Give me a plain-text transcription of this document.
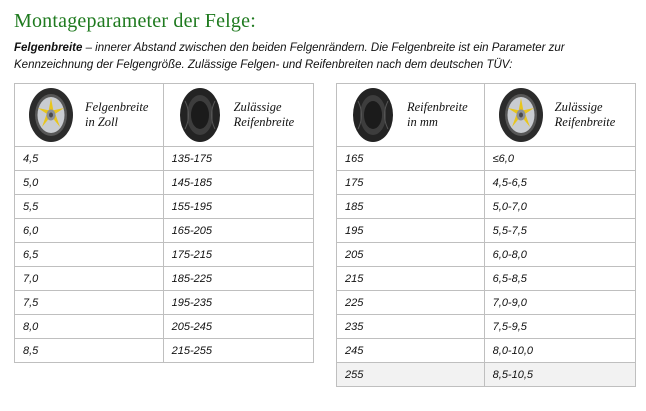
Montageparameter der Felge:

Felgenbreite – innerer Abstand zwischen den beiden Felgenrändern. Die Felgenbreite ist ein Parameter zur Kennzeichnung der Felgengröße. Zulässige Felgen- und Reifenbreiten nach dem deutschen TÜV:

Felgenbreite in Zoll	Zulässige
Reifenbreite

4,5	135-175
5,0	145-185
5,5	155-195
6,0	165-205
6,5	175-215
7,0	185-225
7,5	195-235
8,0	205-245
8,5	215-255
Reifenbreite in mm	Zulässige
Reifenbreite

165	≤6,0
175	4,5-6,5
185	5,0-7,0
195	5,5-7,5
205	6,0-8,0
215	6,5-8,5
225	7,0-9,0
235	7,5-9,5
245	8,0-10,0
255	8,5-10,5
